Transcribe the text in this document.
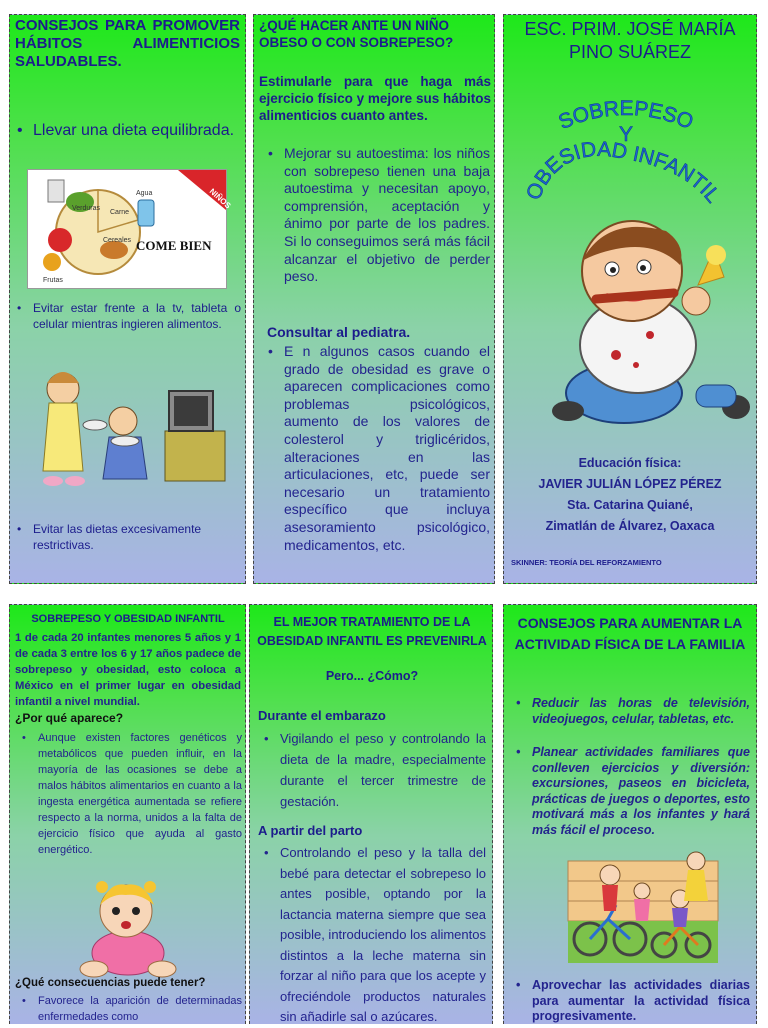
CONSEJOS PARA PROMOVER HÁBITOS ALIMENTICIOS SALUDABLES.
• Llevar una dieta equilibrada.
NIÑOS
Frutas
Verduras
Cereales
Agua
Carne
COME BIEN
• Evitar estar frente a la tv, tableta o celular mientras ingieren alimentos.
• Evitar las dietas excesivamente restrictivas.
¿QUÉ HACER ANTE UN NIÑO OBESO O CON SOBREPESO?
Estimularle para que haga más ejercicio físico y mejore sus hábitos alimenticios cuanto antes.
• Mejorar su autoestima: los niños con sobrepeso tienen una baja autoestima y necesitan apoyo, comprensión, aceptación y ánimo por parte de los padres. Si lo conseguimos será más fácil alcanzar el objetivo de perder peso.
Consultar al pediatra.
• E n algunos casos cuando el grado de obesidad es grave o aparecen complicaciones como problemas psicológicos, aumento de los valores de colesterol y triglicéridos, alteraciones en las articulaciones, etc, puede ser necesario un tratamiento específico que incluya asesoramiento psicológico, medicamentos, etc.
ESC. PRIM. JOSÉ MARÍA PINO SUÁREZ
SOBREPESO
Y
OBESIDAD INFANTIL
Educación física:
JAVIER JULIÁN LÓPEZ PÉREZ
Sta. Catarina Quiané,
Zimatlán de Álvarez, Oaxaca
SKINNER: TEORÍA DEL REFORZAMIENTO
SOBREPESO Y OBESIDAD INFANTIL
1 de cada 20 infantes menores 5 años y 1 de cada 3 entre los 6 y 17 años padece de sobrepeso y obesidad, esto coloca a México en el primer lugar en obesidad infantil a nivel mundial.
¿Por qué aparece?
• Aunque existen factores genéticos y metabólicos que pueden influir, en la mayoría de las ocasiones se debe a malos hábitos alimentarios en cuanto a la ingesta energética aumentada se refiere respecto a la norma, unidos a la falta de ejercicio físico que ayuda al gasto energético.
¿Qué consecuencias puede tener?
• Favorece la aparición de determinadas enfermedades como
EL MEJOR TRATAMIENTO DE LA OBESIDAD INFANTIL ES PREVENIRLA
Pero... ¿Cómo?
Durante el embarazo
• Vigilando el peso y controlando la dieta de la madre, especialmente durante el tercer trimestre de gestación.
A partir del parto
• Controlando el peso y la talla del bebé para detectar el sobrepeso lo antes posible, optando por la lactancia materna siempre que sea posible, introduciendo los alimentos distintos a la leche materna sin forzar al niño para que los acepte y ofreciéndole productos naturales sin añadirle sal o azúcares.
CONSEJOS PARA AUMENTAR LA ACTIVIDAD FÍSICA DE LA FAMILIA
• Reducir las horas de televisión, videojuegos, celular, tabletas, etc.
• Planear actividades familiares que conlleven ejercicios y diversión: excursiones, paseos en bicicleta, prácticas de juegos o deportes, esto motivará más a los infantes y hará más fácil el proceso.
• Aprovechar las actividades diarias para aumentar la actividad física progresivamente.
